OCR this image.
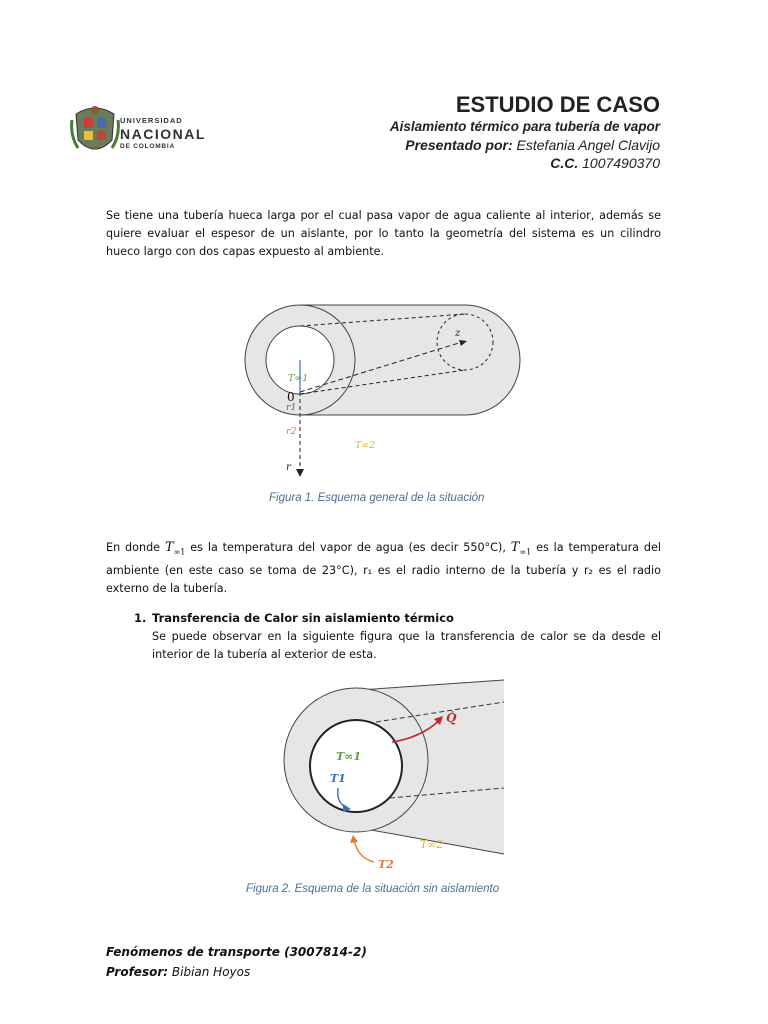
UNIVERSIDAD
NACIONAL
DE COLOMBIA
ESTUDIO DE CASO
Aislamiento térmico para tubería de vapor
Presentado por: Estefania Angel Clavijo
C.C. 1007490370

Se tiene una tubería hueca larga por el cual pasa vapor de agua caliente al interior, además se quiere evaluar el espesor de un aislante, por lo tanto la geometría del sistema es un cilindro hueco largo con dos capas expuesto al ambiente.

z
T∞1
0
r1
r2
T∞2
r
Figura 1. Esquema general de la situación

En donde $T_{\infty 1}$ es la temperatura del vapor de agua (es decir 550°C), $T_{\infty 1}$ es la temperatura del ambiente (en este caso se toma de 23°C), r₁ es el radio interno de la tubería y r₂ es el radio externo de la tubería.

1. Transferencia de Calor sin aislamiento térmico

Se puede observar en la siguiente figura que la transferencia de calor se da desde el interior de la tubería al exterior de esta.

Q̇
T∞1
T1
T2
T∞2
Figura 2. Esquema de la situación sin aislamiento
Fenómenos de transporte (3007814-2)
Profesor: Bibian Hoyos
